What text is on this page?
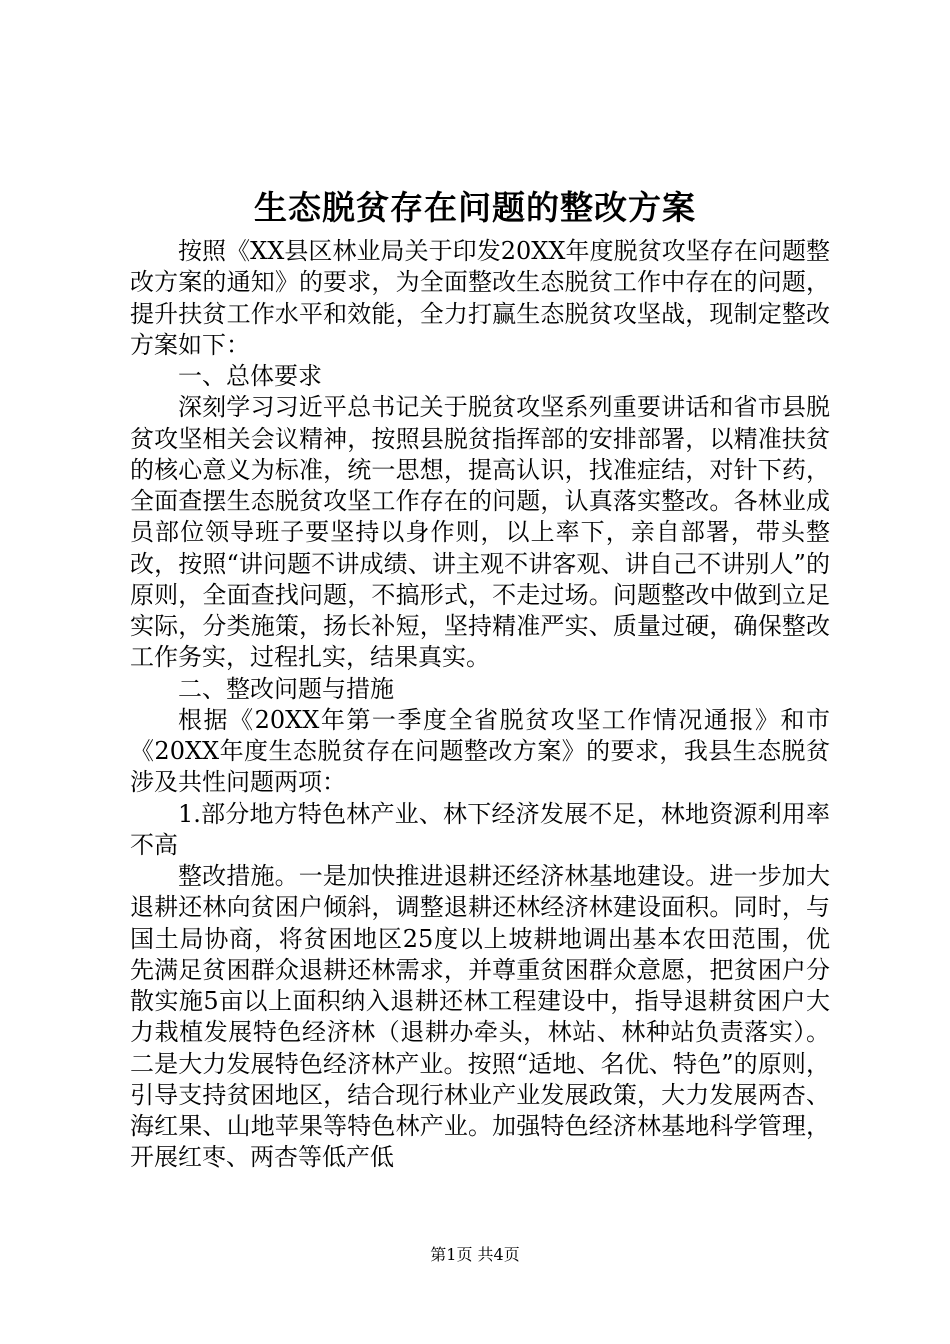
生态脱贫存在问题的整改方案

按照《XX县区林业局关于印发20XX年度脱贫攻坚存在问题整改方案的通知》的要求，为全面整改生态脱贫工作中存在的问题，提升扶贫工作水平和效能，全力打赢生态脱贫攻坚战，现制定整改方案如下：

一、总体要求

深刻学习习近平总书记关于脱贫攻坚系列重要讲话和省市县脱贫攻坚相关会议精神，按照县脱贫指挥部的安排部署，以精准扶贫的核心意义为标准，统一思想，提高认识，找准症结，对针下药，全面查摆生态脱贫攻坚工作存在的问题，认真落实整改。各林业成员部位领导班子要坚持以身作则，以上率下，亲自部署，带头整改，按照“讲问题不讲成绩、讲主观不讲客观、讲自己不讲别人”的原则，全面查找问题，不搞形式，不走过场。问题整改中做到立足实际，分类施策，扬长补短，坚持精准严实、质量过硬，确保整改工作务实，过程扎实，结果真实。

二、整改问题与措施

根据《20XX年第一季度全省脱贫攻坚工作情况通报》和市《20XX年度生态脱贫存在问题整改方案》的要求，我县生态脱贫涉及共性问题两项：

1.部分地方特色林产业、林下经济发展不足，林地资源利用率不高

整改措施。一是加快推进退耕还经济林基地建设。进一步加大退耕还林向贫困户倾斜，调整退耕还林经济林建设面积。同时，与国土局协商，将贫困地区25度以上坡耕地调出基本农田范围，优先满足贫困群众退耕还林需求，并尊重贫困群众意愿，把贫困户分散实施5亩以上面积纳入退耕还林工程建设中，指导退耕贫困户大力栽植发展特色经济林（退耕办牵头，林站、林种站负责落实）。二是大力发展特色经济林产业。按照“适地、名优、特色”的原则，引导支持贫困地区，结合现行林业产业发展政策，大力发展两杏、海红果、山地苹果等特色林产业。加强特色经济林基地科学管理，开展红枣、两杏等低产低

第1页 共4页
